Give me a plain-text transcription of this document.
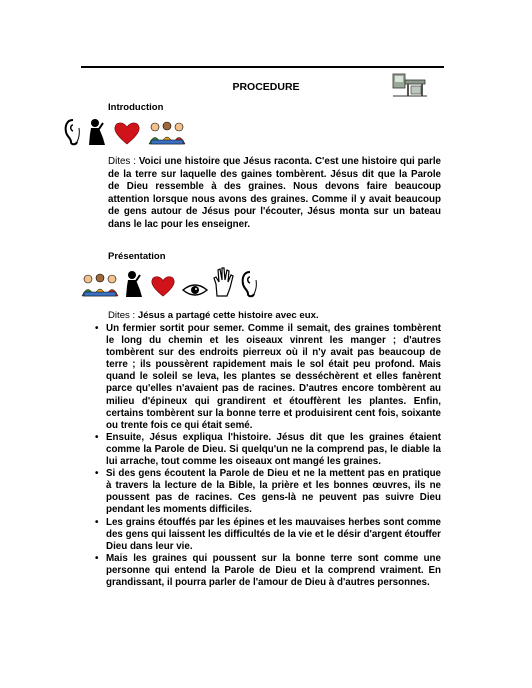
PROCEDURE
Introduction
Dites : Voici une histoire que Jésus raconta. C'est une histoire qui parle de la terre sur laquelle des gaines tombèrent. Jésus dit que la Parole de Dieu ressemble à des graines. Nous devons faire beaucoup attention lorsque nous avons des graines. Comme il y avait beaucoup de gens autour de Jésus pour l'écouter, Jésus monta sur un bateau dans le lac pour les enseigner.
Présentation
Dites : Jésus a partagé cette histoire avec eux.
• Un fermier sortit pour semer. Comme il semait, des graines tombèrent le long du chemin et les oiseaux vinrent les manger ; d'autres tombèrent sur des endroits pierreux où il n'y avait pas beaucoup de terre ; ils poussèrent rapidement mais le sol était peu profond. Mais quand le soleil se leva, les plantes se desséchèrent et elles fanèrent parce qu'elles n'avaient pas de racines. D'autres encore tombèrent au milieu d'épineux qui grandirent et étouffèrent les plantes. Enfin, certains tombèrent sur la bonne terre et produisirent cent fois, soixante ou trente fois ce qui était semé.
• Ensuite, Jésus expliqua l'histoire. Jésus dit que les graines étaient comme la Parole de Dieu. Si quelqu'un ne la comprend pas, le diable la lui arrache, tout comme les oiseaux ont mangé les graines.
• Si des gens écoutent la Parole de Dieu et ne la mettent pas en pratique à travers la lecture de la Bible, la prière et les bonnes œuvres, ils ne poussent pas de racines. Ces gens-là ne peuvent pas suivre Dieu pendant les moments difficiles.
• Les grains étouffés par les épines et les mauvaises herbes sont comme des gens qui laissent les difficultés de la vie et le désir d'argent étouffer Dieu dans leur vie.
• Mais les graines qui poussent sur la bonne terre sont comme une personne qui entend la Parole de Dieu et la comprend vraiment. En grandissant, il pourra parler de l'amour de Dieu à d'autres personnes.
